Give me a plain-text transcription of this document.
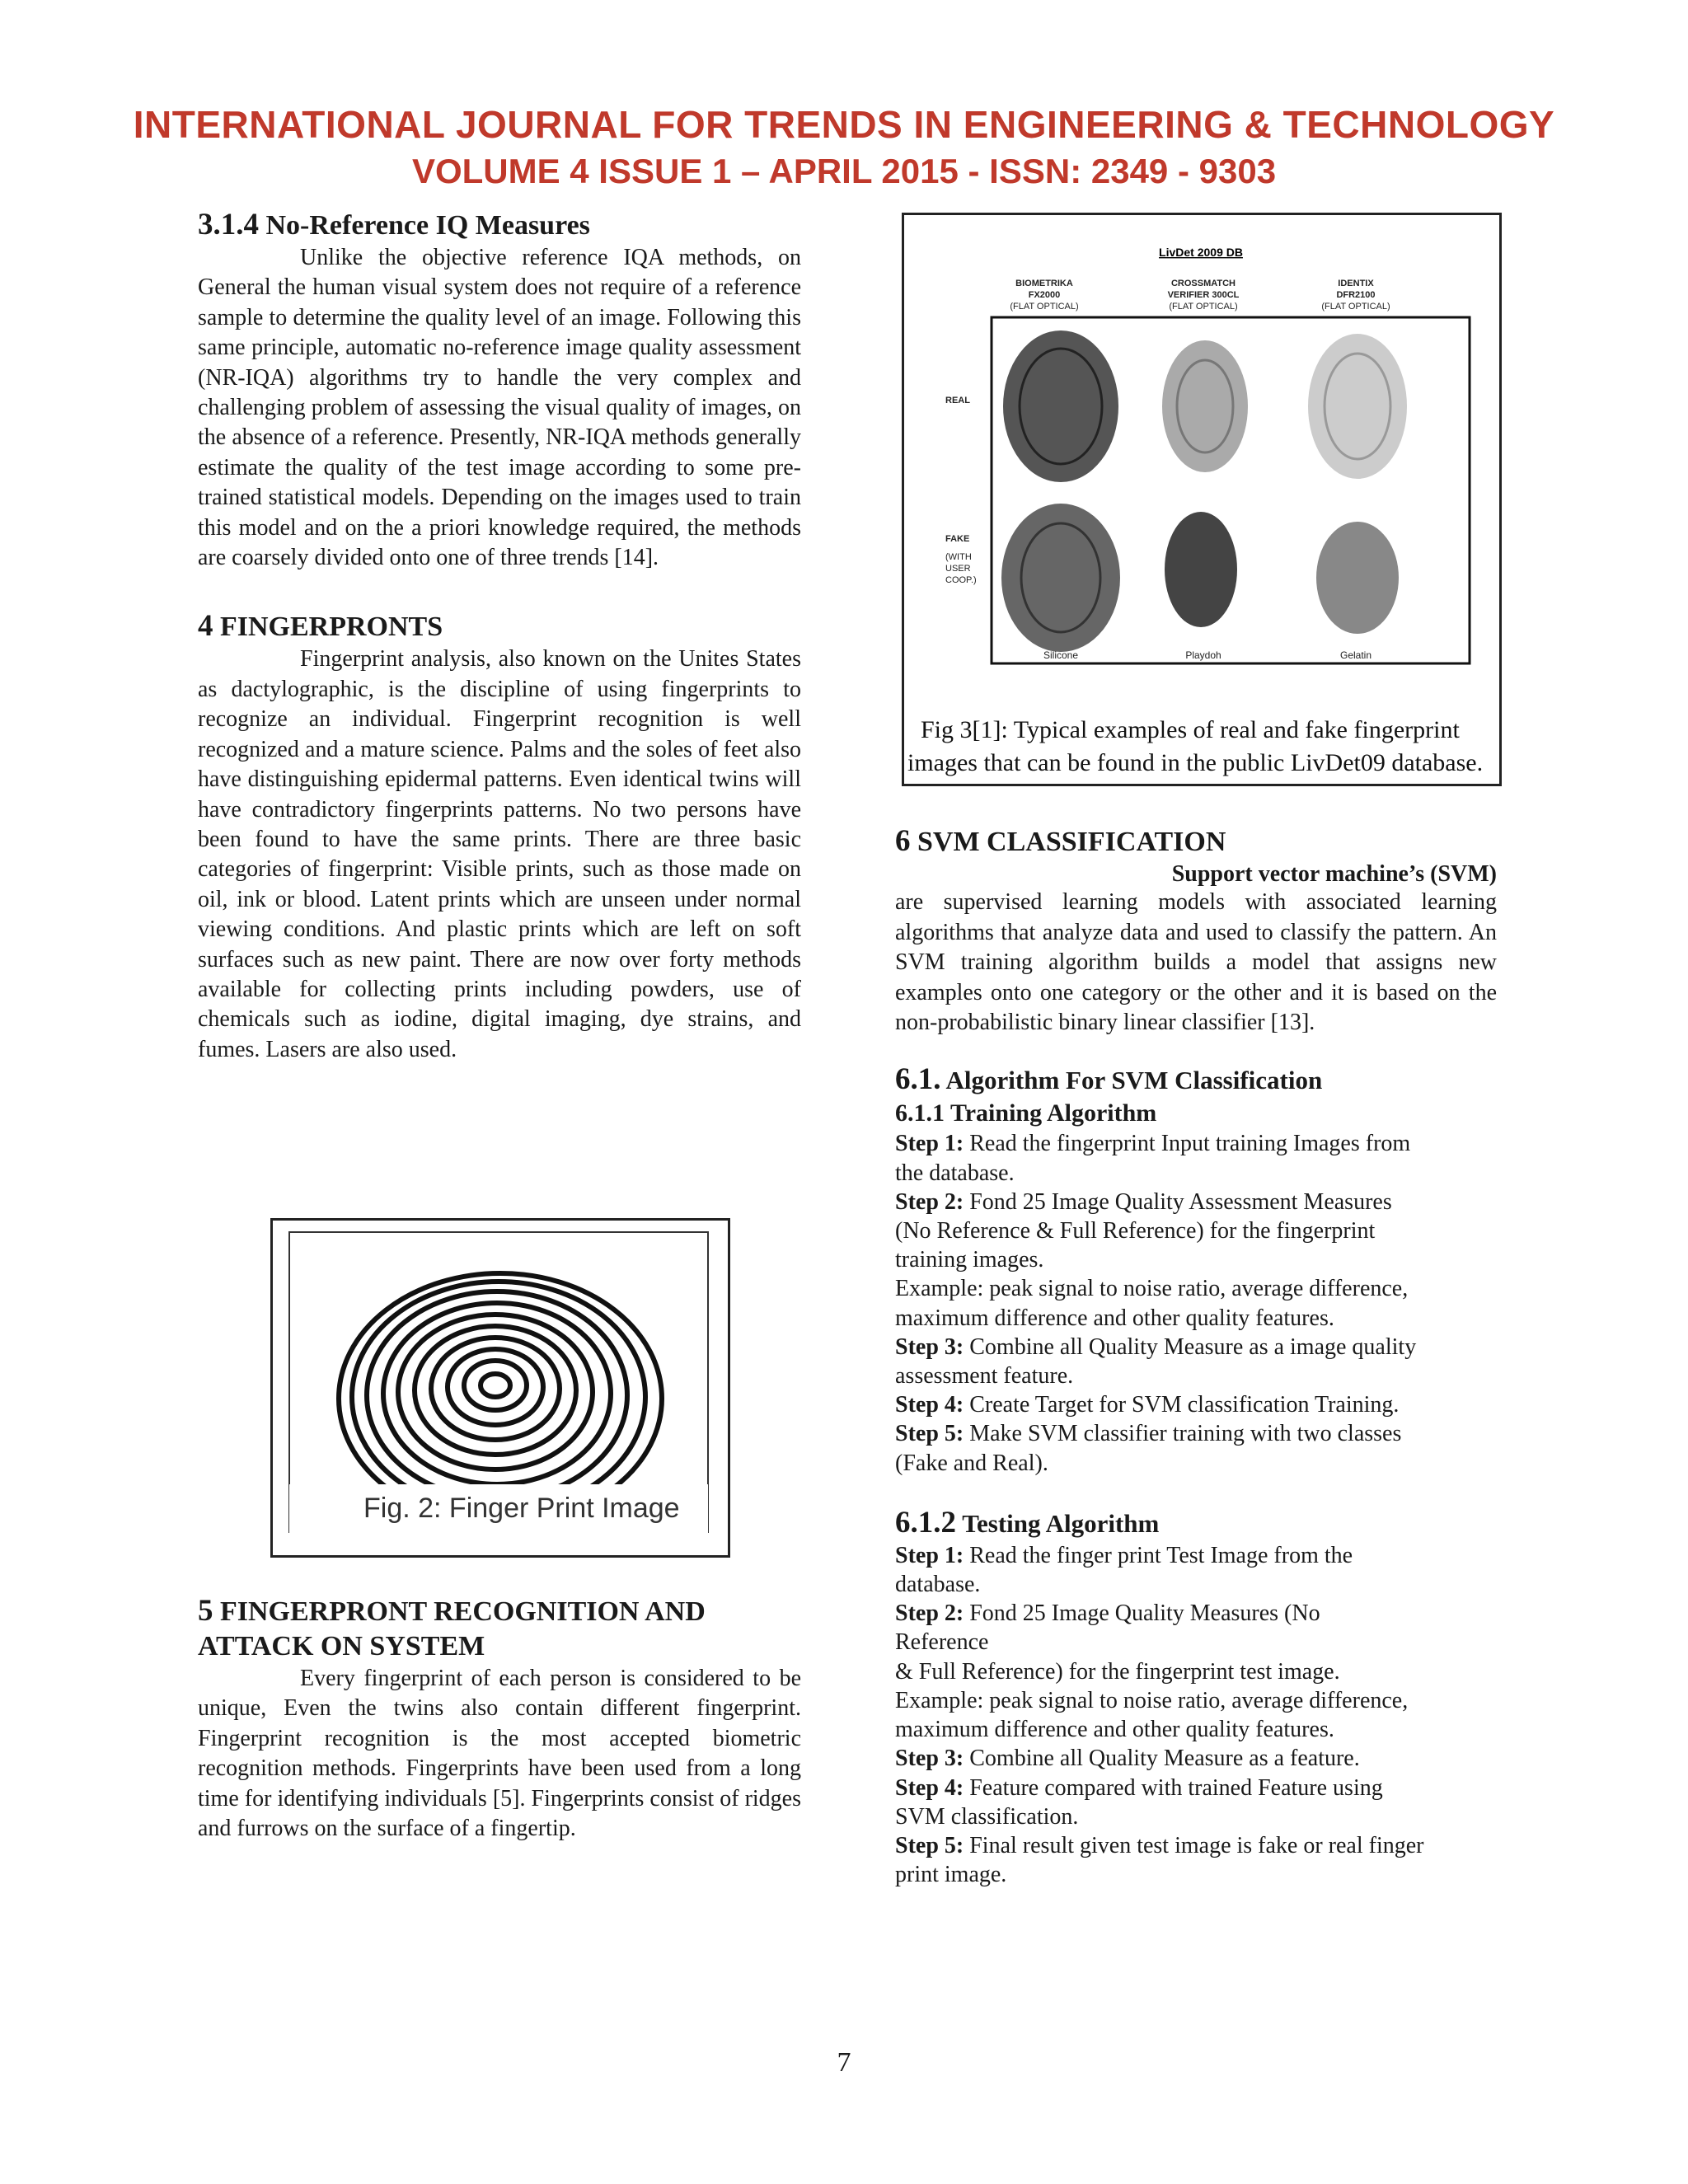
INTERNATIONAL JOURNAL FOR TRENDS IN ENGINEERING & TECHNOLOGY
VOLUME 4 ISSUE 1 – APRIL 2015 - ISSN: 2349 - 9303
3.1.4 No-Reference IQ Measures

Unlike the objective reference IQA methods, on General the human visual system does not require of a reference sample to determine the quality level of an image. Following this same principle, automatic no-reference image quality assessment (NR-IQA) algorithms try to handle the very complex and challenging problem of assessing the visual quality of images, on the absence of a reference. Presently, NR-IQA methods generally estimate the quality of the test image according to some pre-trained statistical models. Depending on the images used to train this model and on the a priori knowledge required, the methods are coarsely divided onto one of three trends [14].

4 FINGERPRONTS

Fingerprint analysis, also known on the Unites States as dactylographic, is the discipline of using fingerprints to recognize an individual. Fingerprint recognition is well recognized and a mature science. Palms and the soles of feet also have distinguishing epidermal patterns. Even identical twins will have contradictory fingerprints patterns. No two persons have been found to have the same prints. There are three basic categories of fingerprint: Visible prints, such as those made on oil, ink or blood. Latent prints which are unseen under normal viewing conditions. And plastic prints which are left on soft surfaces such as new paint. There are now over forty methods available for collecting prints including powders, use of chemicals such as iodine, digital imaging, dye strains, and fumes. Lasers are also used.

Fig. 2: Finger Print Image
5 FINGERPRONT RECOGNITION AND
ATTACK ON SYSTEM

Every fingerprint of each person is considered to be unique, Even the twins also contain different fingerprint. Fingerprint recognition is the most accepted biometric recognition methods. Fingerprints have been used from a long time for identifying individuals [5]. Fingerprints consist of ridges and furrows on the surface of a fingertip.

LivDet 2009 DB
BIOMETRIKA
FX2000
(FLAT OPTICAL)
CROSSMATCH
VERIFIER 300CL
(FLAT OPTICAL)
IDENTIX
DFR2100
(FLAT OPTICAL)
REAL
FAKE
(WITH
USER
COOP.)
Silicone	Playdoh	Gelatin
Fig 3[1]: Typical examples of real and fake fingerprint
images that can be found in the public LivDet09 database.
6 SVM CLASSIFICATION

Support vector machine’s (SVM)

are supervised learning models with associated learning algorithms that analyze data and used to classify the pattern. An SVM training algorithm builds a model that assigns new examples onto one category or the other and it is based on the non-probabilistic binary linear classifier [13].

6.1. Algorithm For SVM Classification
6.1.1 Training Algorithm

Step 1: Read the fingerprint Input training Images from

the database.

Step 2: Fond 25 Image Quality Assessment Measures

(No Reference & Full Reference) for the fingerprint

training images.

Example: peak signal to noise ratio, average difference,

maximum difference and other quality features.

Step 3: Combine all Quality Measure as a image quality

assessment feature.

Step 4: Create Target for SVM classification Training.

Step 5: Make SVM classifier training with two classes

(Fake and Real).

6.1.2 Testing Algorithm

Step 1: Read the finger print Test Image from the

database.

Step 2: Fond 25 Image Quality Measures (No

Reference

& Full Reference) for the fingerprint test image.

Example: peak signal to noise ratio, average difference,

maximum difference and other quality features.

Step 3: Combine all Quality Measure as a feature.

Step 4: Feature compared with trained Feature using

SVM classification.

Step 5: Final result given test image is fake or real finger

print image.

7
